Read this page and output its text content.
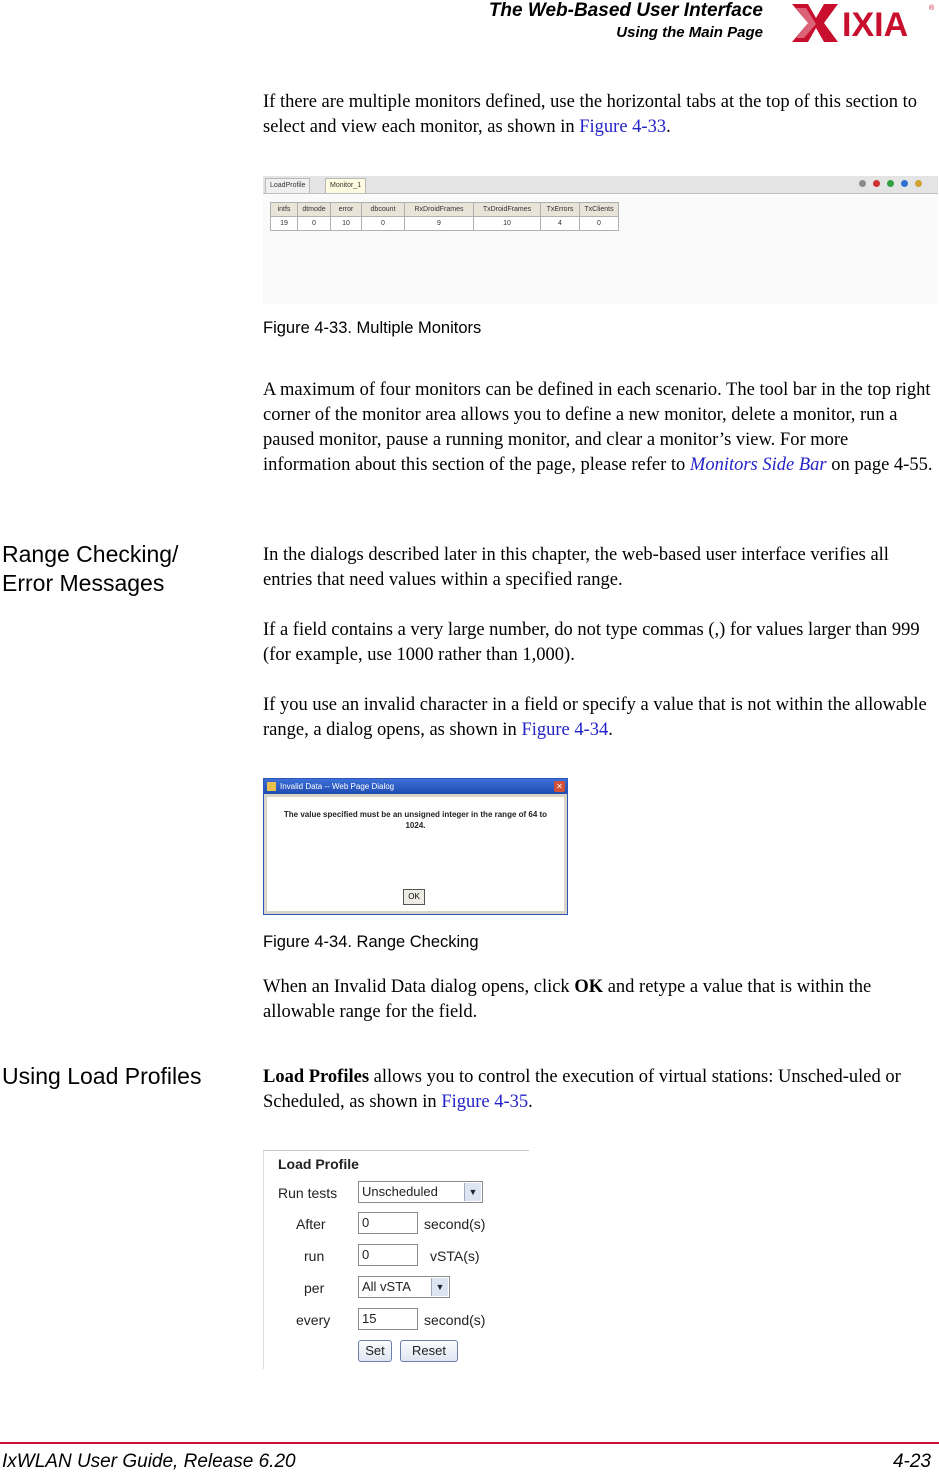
The Web-Based User Interface
Using the Main Page IXIA	®

If there are multiple monitors defined, use the horizontal tabs at the top of this section to select and view each monitor, as shown in Figure 4-33.

LoadProfile	Monitor_1
intfs	dtmode	error	dbcount	RxDroidFrames	TxDroidFrames	TxErrors	TxClients
19	0	10	0	9	10	4	0
Figure 4-33. Multiple Monitors

A maximum of four monitors can be defined in each scenario. The tool bar in the top right corner of the monitor area allows you to define a new monitor, delete a monitor, run a paused monitor, pause a running monitor, and clear a monitor’s view. For more information about this section of the page, please refer to Monitors Side Bar on page 4-55.

Range Checking/
Error Messages

In the dialogs described later in this chapter, the web-based user interface verifies all entries that need values within a specified range.

If a field contains a very large number, do not type commas (,) for values larger than 999 (for example, use 1000 rather than 1,000).

If you use an invalid character in a field or specify a value that is not within the allowable range, a dialog opens, as shown in Figure 4-34.

Invalid Data -- Web Page Dialog	✕
The value specified must be an unsigned integer in the range of 64 to 1024.
OK
Figure 4-34. Range Checking

When an Invalid Data dialog opens, click OK and retype a value that is within the allowable range for the field.

Using Load Profiles	Load Profiles allows you to control the execution of virtual stations: Unsched-uled or Scheduled, as shown in Figure 4-35.

Load Profile
Run tests	Unscheduled	▼
After	0	second(s)
run	0	vSTA(s)
per	All vSTA	▼
every	15	second(s)
Set	Reset
IxWLAN User Guide, Release 6.20	4-23
